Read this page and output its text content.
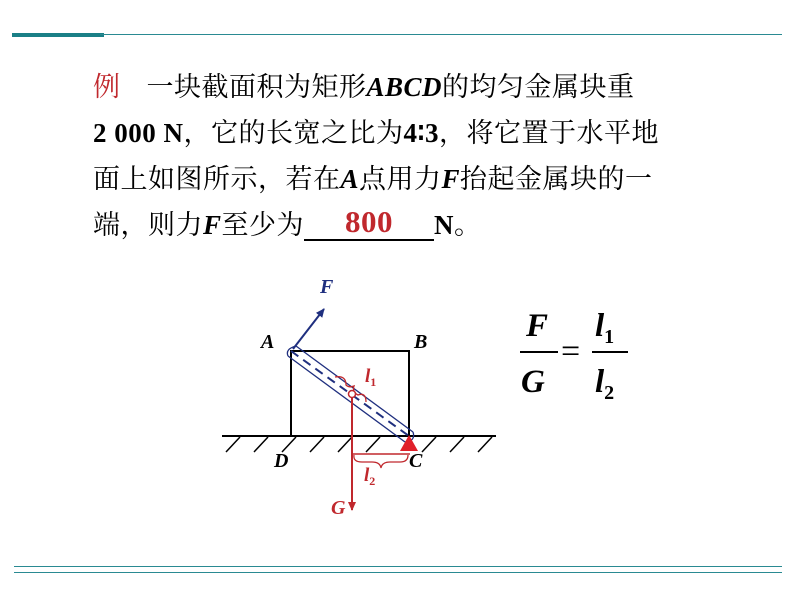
例 一块截面积为矩形ABCD的均匀金属块重
2 000 N，它的长宽之比为4∶3，将它置于水平地
面上如图所示，若在A点用力F抬起金属块的一
端，则力F至少为 800 N。
F
A	B
D	C
G
$l_1$
$l_2$
F
G
=
$l_1$
$l_2$
